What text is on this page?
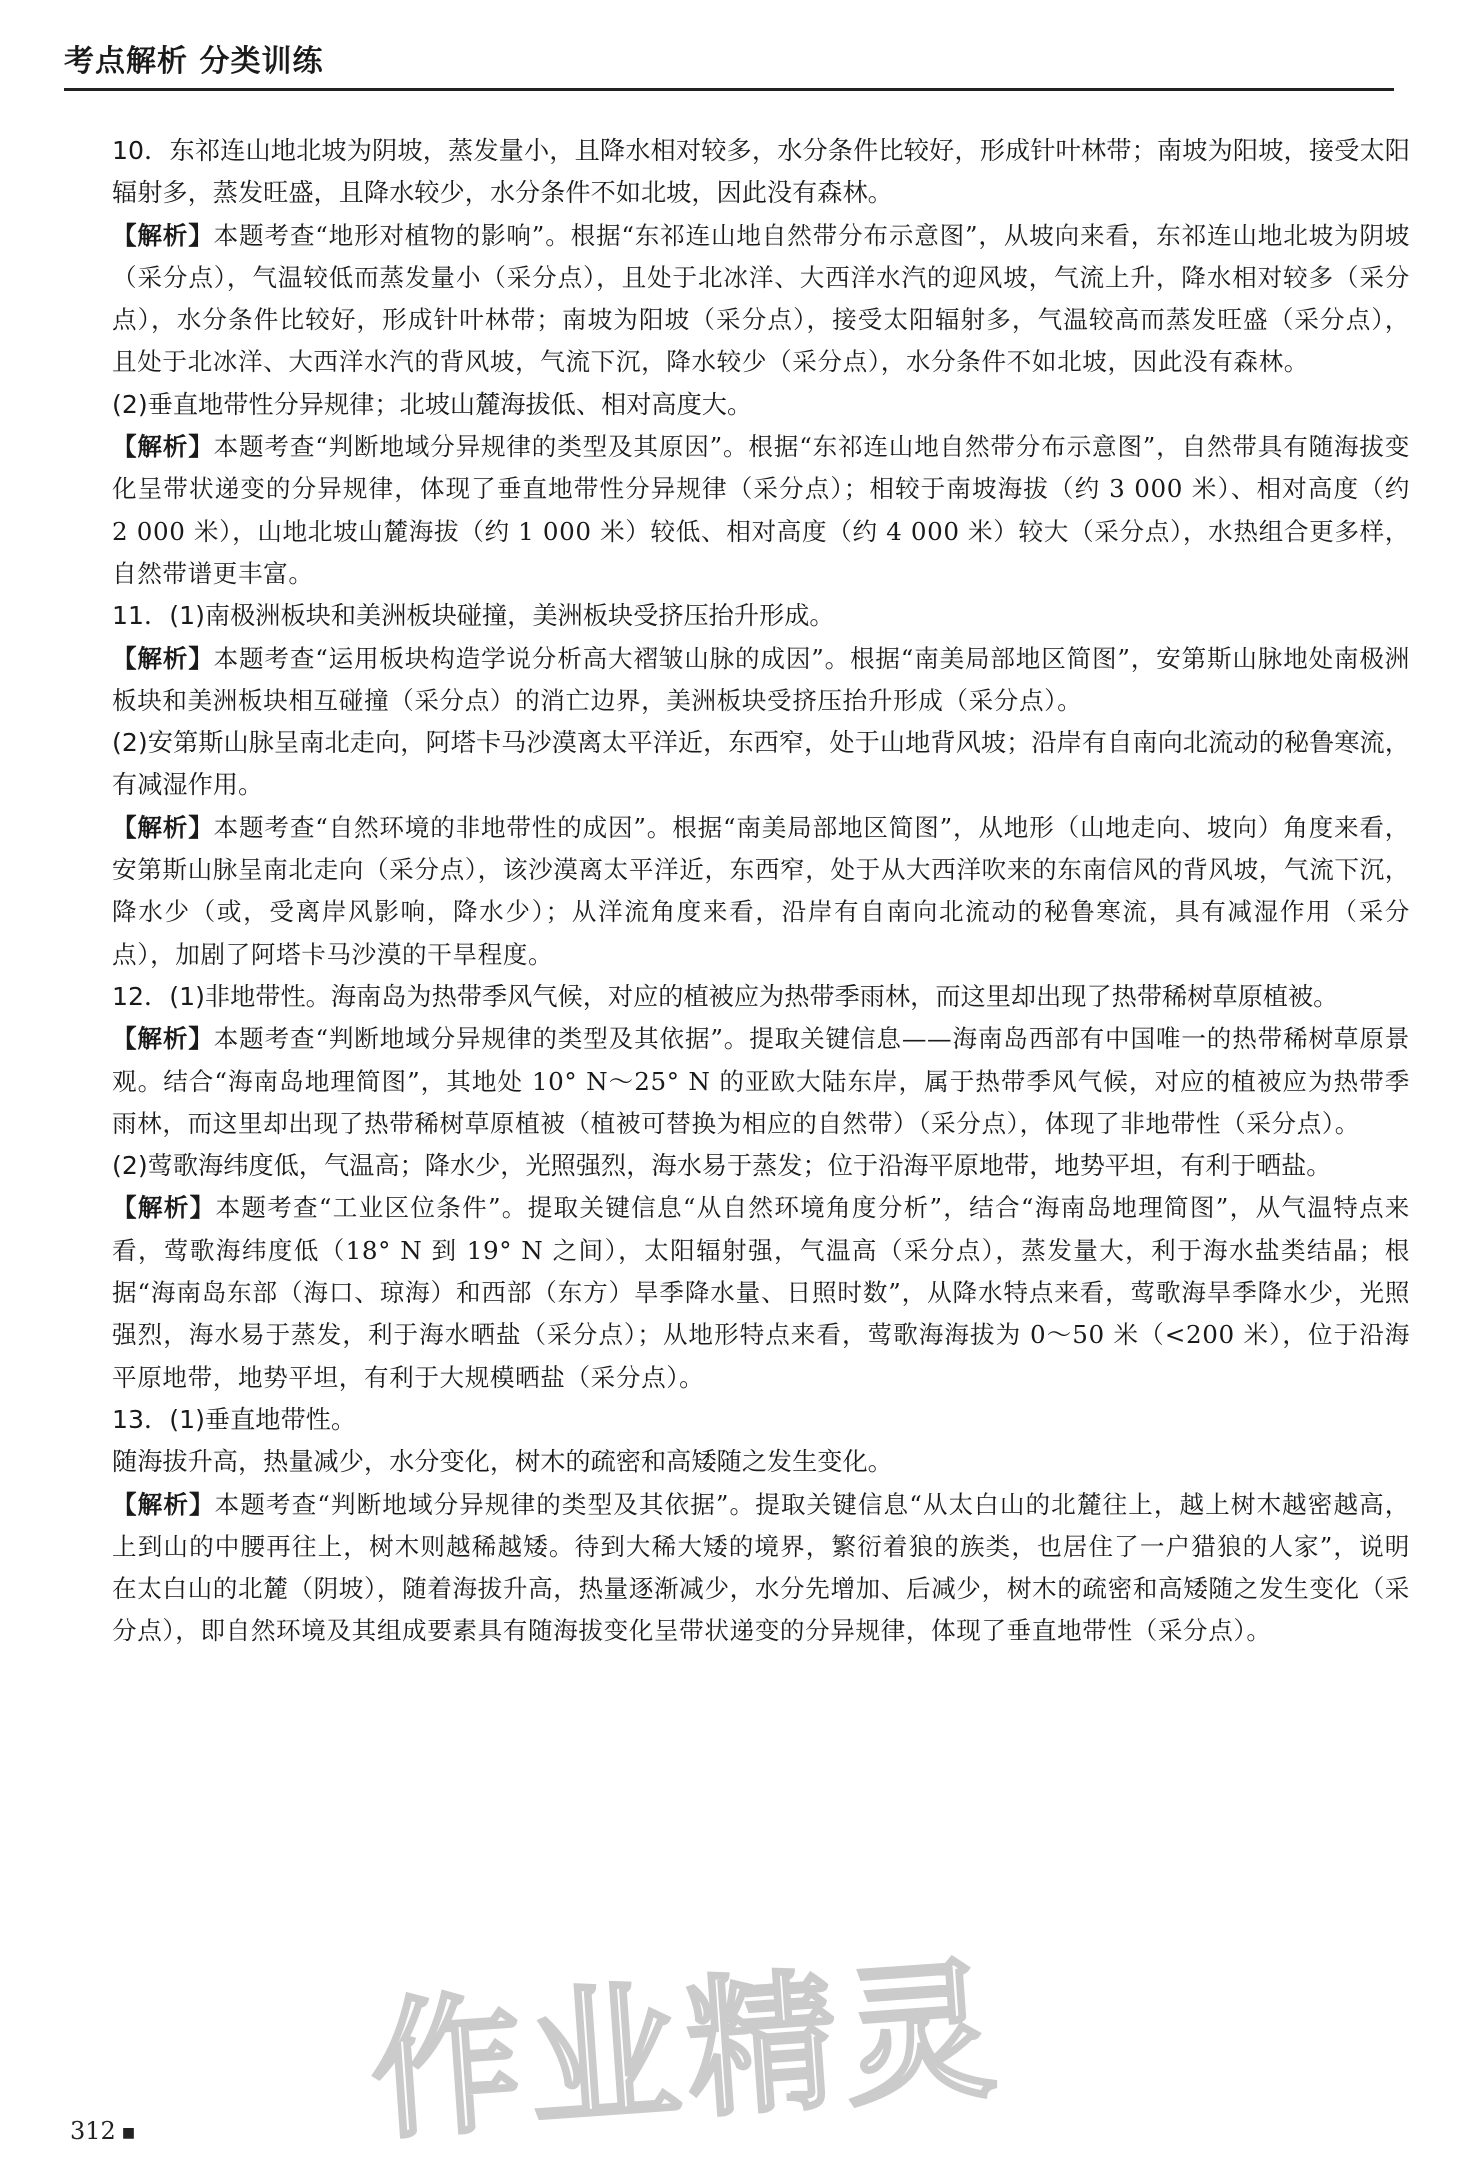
考点解析 分类训练

10．东祁连山地北坡为阴坡，蒸发量小，且降水相对较多，水分条件比较好，形成针叶林带；南坡为阳坡，接受太阳辐射多，蒸发旺盛，且降水较少，水分条件不如北坡，因此没有森林。

【解析】本题考查“地形对植物的影响”。根据“东祁连山地自然带分布示意图”，从坡向来看，东祁连山地北坡为阴坡（采分点），气温较低而蒸发量小（采分点），且处于北冰洋、大西洋水汽的迎风坡，气流上升，降水相对较多（采分点），水分条件比较好，形成针叶林带；南坡为阳坡（采分点），接受太阳辐射多，气温较高而蒸发旺盛（采分点），且处于北冰洋、大西洋水汽的背风坡，气流下沉，降水较少（采分点），水分条件不如北坡，因此没有森林。

(2)垂直地带性分异规律；北坡山麓海拔低、相对高度大。

【解析】本题考查“判断地域分异规律的类型及其原因”。根据“东祁连山地自然带分布示意图”，自然带具有随海拔变化呈带状递变的分异规律，体现了垂直地带性分异规律（采分点）；相较于南坡海拔（约 3 000 米）、相对高度（约 2 000 米），山地北坡山麓海拔（约 1 000 米）较低、相对高度（约 4 000 米）较大（采分点），水热组合更多样，自然带谱更丰富。

11．(1)南极洲板块和美洲板块碰撞，美洲板块受挤压抬升形成。

【解析】本题考查“运用板块构造学说分析高大褶皱山脉的成因”。根据“南美局部地区简图”，安第斯山脉地处南极洲板块和美洲板块相互碰撞（采分点）的消亡边界，美洲板块受挤压抬升形成（采分点）。

(2)安第斯山脉呈南北走向，阿塔卡马沙漠离太平洋近，东西窄，处于山地背风坡；沿岸有自南向北流动的秘鲁寒流，有减湿作用。

【解析】本题考查“自然环境的非地带性的成因”。根据“南美局部地区简图”，从地形（山地走向、坡向）角度来看，安第斯山脉呈南北走向（采分点），该沙漠离太平洋近，东西窄，处于从大西洋吹来的东南信风的背风坡，气流下沉，降水少（或，受离岸风影响，降水少）；从洋流角度来看，沿岸有自南向北流动的秘鲁寒流，具有减湿作用（采分点），加剧了阿塔卡马沙漠的干旱程度。

12．(1)非地带性。海南岛为热带季风气候，对应的植被应为热带季雨林，而这里却出现了热带稀树草原植被。

【解析】本题考查“判断地域分异规律的类型及其依据”。提取关键信息——海南岛西部有中国唯一的热带稀树草原景观。结合“海南岛地理简图”，其地处 10° N～25° N 的亚欧大陆东岸，属于热带季风气候，对应的植被应为热带季雨林，而这里却出现了热带稀树草原植被（植被可替换为相应的自然带）（采分点），体现了非地带性（采分点）。

(2)莺歌海纬度低，气温高；降水少，光照强烈，海水易于蒸发；位于沿海平原地带，地势平坦，有利于晒盐。

【解析】本题考查“工业区位条件”。提取关键信息“从自然环境角度分析”，结合“海南岛地理简图”，从气温特点来看，莺歌海纬度低（18° N 到 19° N 之间），太阳辐射强，气温高（采分点），蒸发量大，利于海水盐类结晶；根据“海南岛东部（海口、琼海）和西部（东方）旱季降水量、日照时数”，从降水特点来看，莺歌海旱季降水少，光照强烈，海水易于蒸发，利于海水晒盐（采分点）；从地形特点来看，莺歌海海拔为 0～50 米（<200 米），位于沿海平原地带，地势平坦，有利于大规模晒盐（采分点）。

13．(1)垂直地带性。

随海拔升高，热量减少，水分变化，树木的疏密和高矮随之发生变化。

【解析】本题考查“判断地域分异规律的类型及其依据”。提取关键信息“从太白山的北麓往上，越上树木越密越高，上到山的中腰再往上，树木则越稀越矮。待到大稀大矮的境界，繁衍着狼的族类，也居住了一户猎狼的人家”，说明在太白山的北麓（阴坡），随着海拔升高，热量逐渐减少，水分先增加、后减少，树木的疏密和高矮随之发生变化（采分点），即自然环境及其组成要素具有随海拔变化呈带状递变的分异规律，体现了垂直地带性（采分点）。

作业精灵
312 ■
